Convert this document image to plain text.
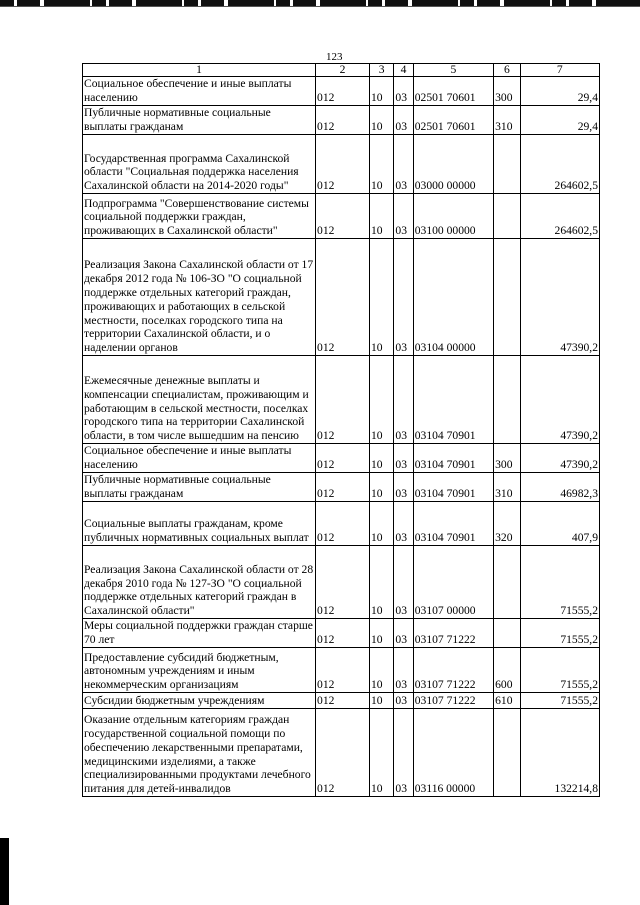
123
1	2	3	4	5	6	7
Социальное обеспечение и иные выплаты населению	012	10	03	02501 70601	300	29,4
Публичные нормативные социальные выплаты гражданам	012	10	03	02501 70601	310	29,4
Государственная программа Сахалинской области "Социальная поддержка населения Сахалинской области на 2014-2020 годы"	012	10	03	03000 00000		264602,5
Подпрограмма "Совершенствование системы социальной поддержки граждан, проживающих в Сахалинской области"	012	10	03	03100 00000		264602,5
Реализация Закона Сахалинской области от 17 декабря 2012 года № 106-ЗО "О социальной поддержке отдельных категорий граждан, проживающих и работающих в сельской местности, поселках городского типа на территории Сахалинской области, и о наделении органов	012	10	03	03104 00000		47390,2
Ежемесячные денежные выплаты и компенсации специалистам, проживающим и работающим в сельской местности, поселках городского типа на территории Сахалинской области, в том числе вышедшим на пенсию	012	10	03	03104 70901		47390,2
Социальное обеспечение и иные выплаты населению	012	10	03	03104 70901	300	47390,2
Публичные нормативные социальные выплаты гражданам	012	10	03	03104 70901	310	46982,3
Социальные выплаты гражданам, кроме публичных нормативных социальных выплат	012	10	03	03104 70901	320	407,9
Реализация Закона Сахалинской области от 28 декабря 2010 года № 127-ЗО "О социальной поддержке отдельных категорий граждан в Сахалинской области"	012	10	03	03107 00000		71555,2
Меры социальной поддержки граждан старше 70 лет	012	10	03	03107 71222		71555,2
Предоставление субсидий бюджетным, автономным учреждениям и иным некоммерческим организациям	012	10	03	03107 71222	600	71555,2
Субсидии бюджетным учреждениям	012	10	03	03107 71222	610	71555,2
Оказание отдельным категориям граждан государственной социальной помощи по обеспечению лекарственными препаратами, медицинскими изделиями, а также специализированными продуктами лечебного питания для детей-инвалидов	012	10	03	03116 00000		132214,8
